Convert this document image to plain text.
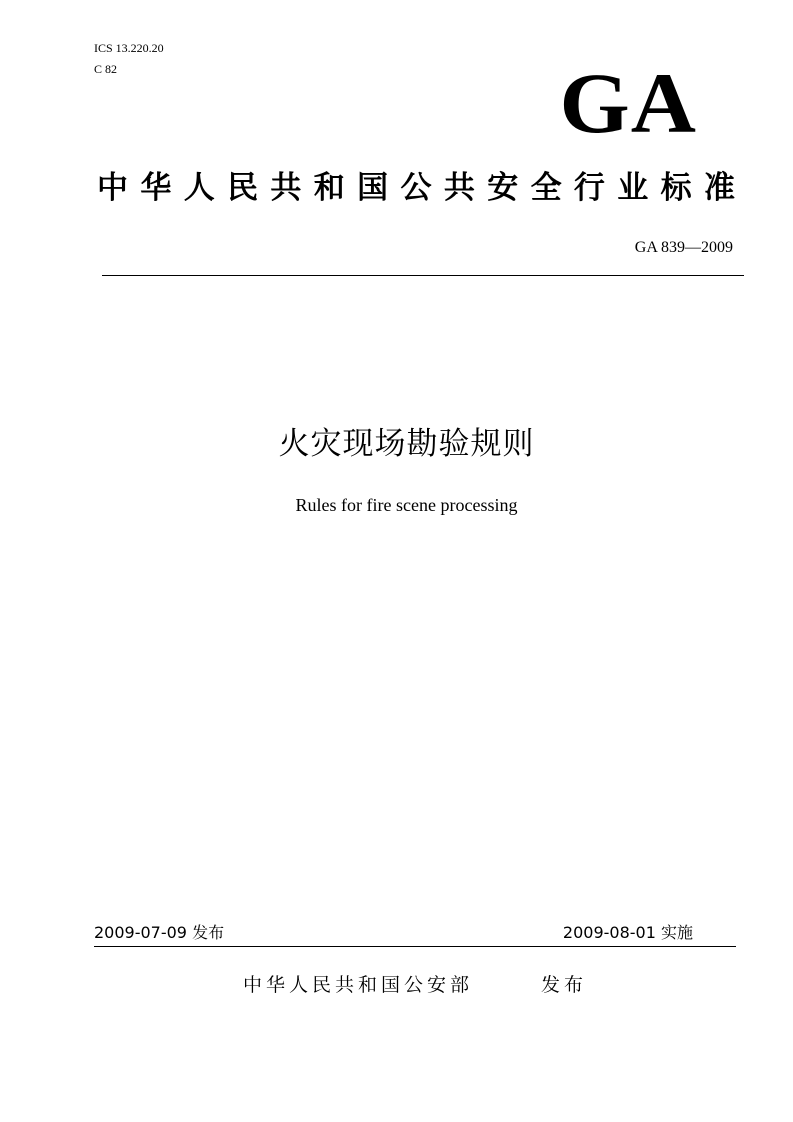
ICS 13.220.20
C 82	GA
中华人民共和国公共安全行业标准
GA 839—2009
火灾现场勘验规则
Rules for fire scene processing
2009-07-09 发布	2009-08-01 实施
中华人民共和国公安部	发布
